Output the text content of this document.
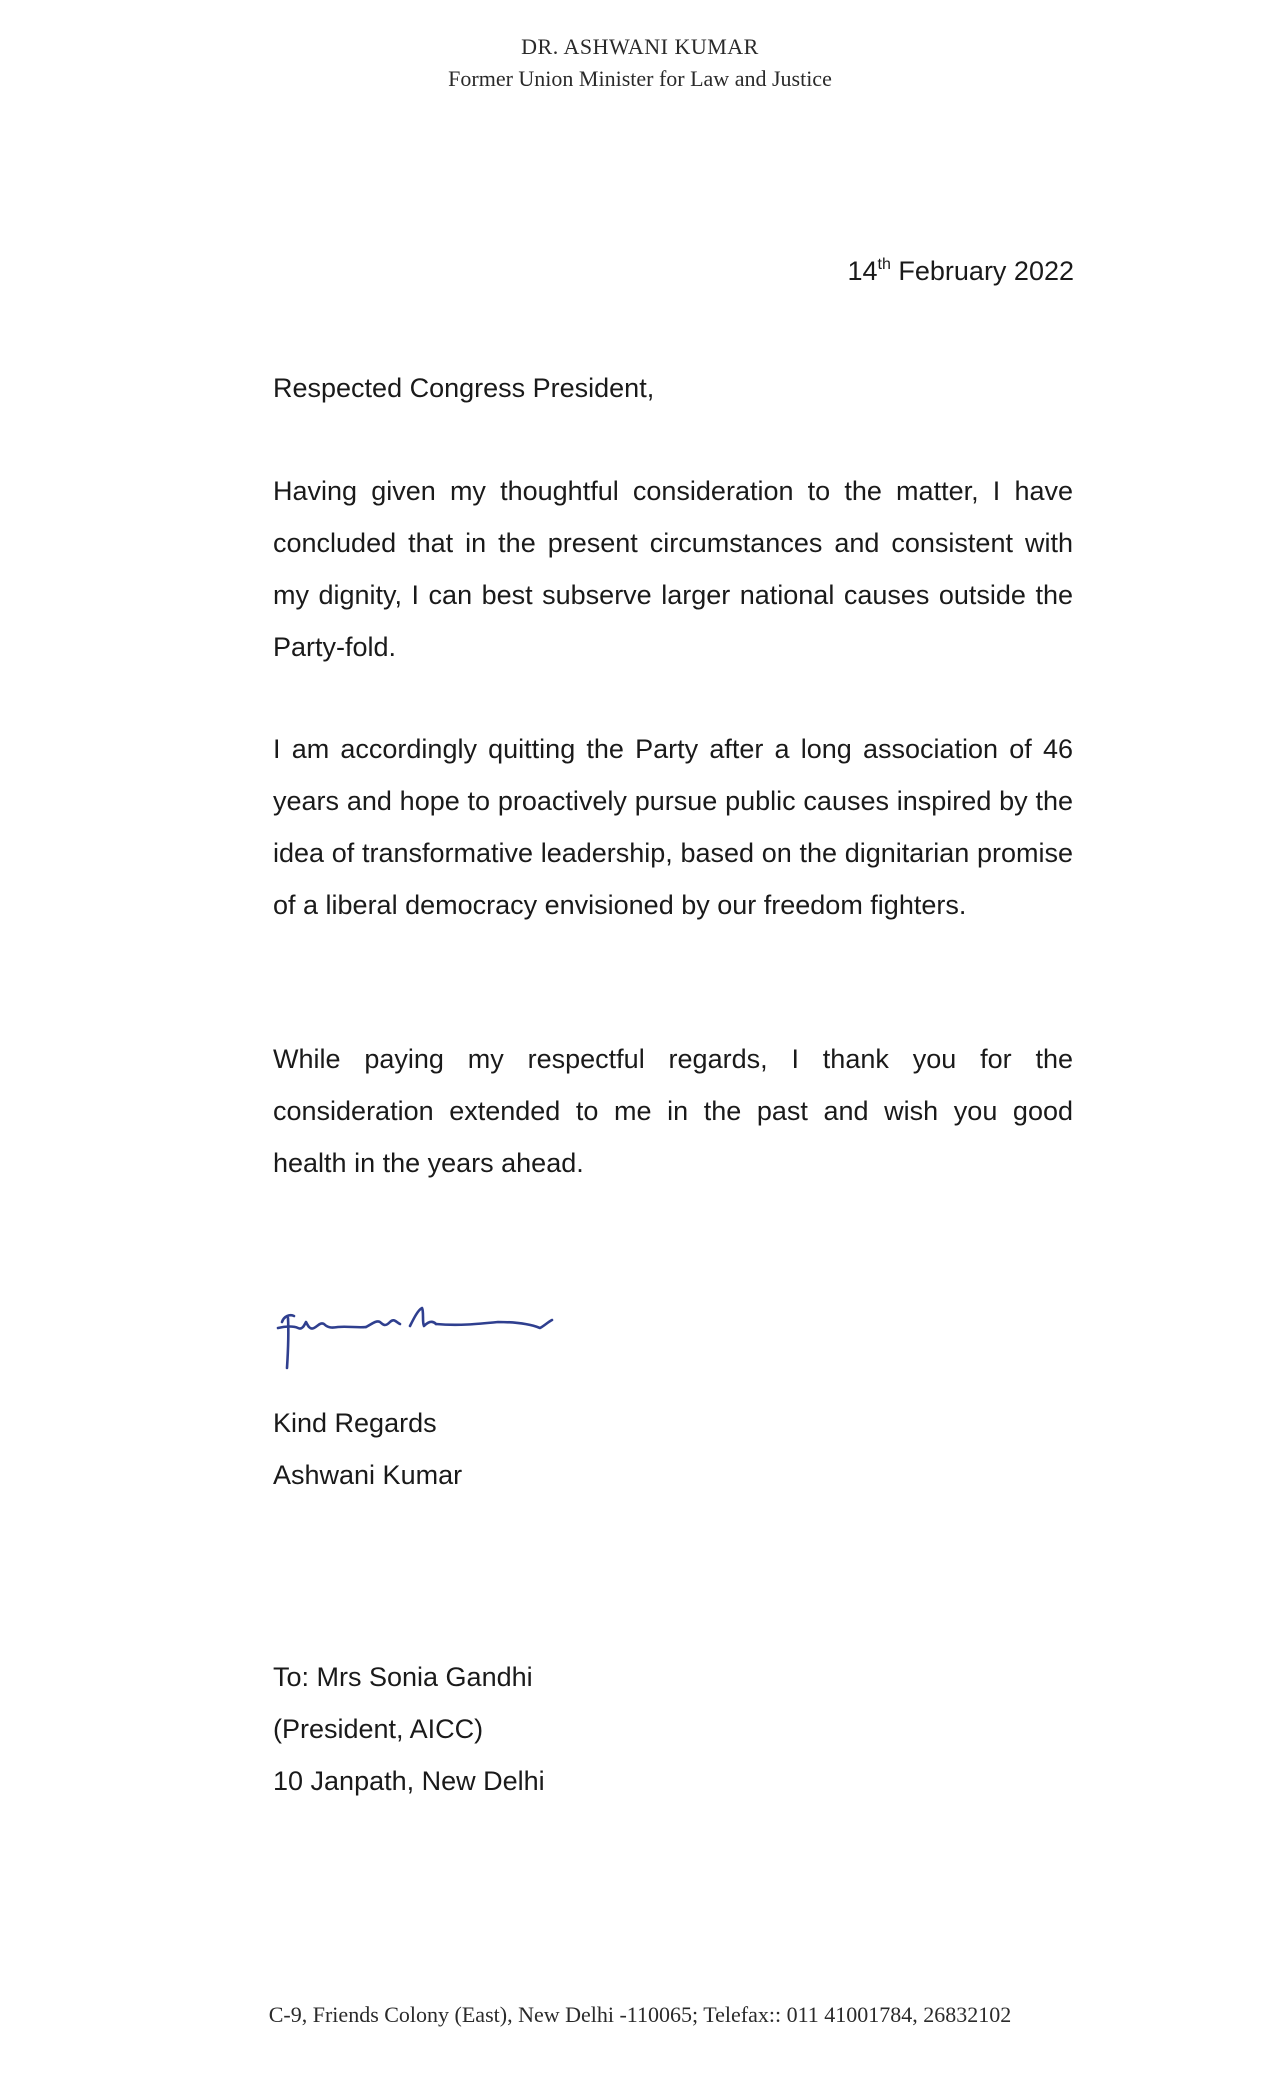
DR. ASHWANI KUMAR
Former Union Minister for Law and Justice
14th February 2022
Respected Congress President,

Having given my thoughtful consideration to the matter, I have concluded that in the present circumstances and consistent with my dignity, I can best subserve larger national causes outside the Party-fold.

I am accordingly quitting the Party after a long association of 46 years and hope to proactively pursue public causes inspired by the idea of transformative leadership, based on the dignitarian promise of a liberal democracy envisioned by our freedom fighters.

While paying my respectful regards, I thank you for the consideration extended to me in the past and wish you good health in the years ahead.

Kind Regards
Ashwani Kumar
To: Mrs Sonia Gandhi
(President, AICC)
10 Janpath, New Delhi
C-9, Friends Colony (East), New Delhi -110065; Telefax:: 011 41001784, 26832102
